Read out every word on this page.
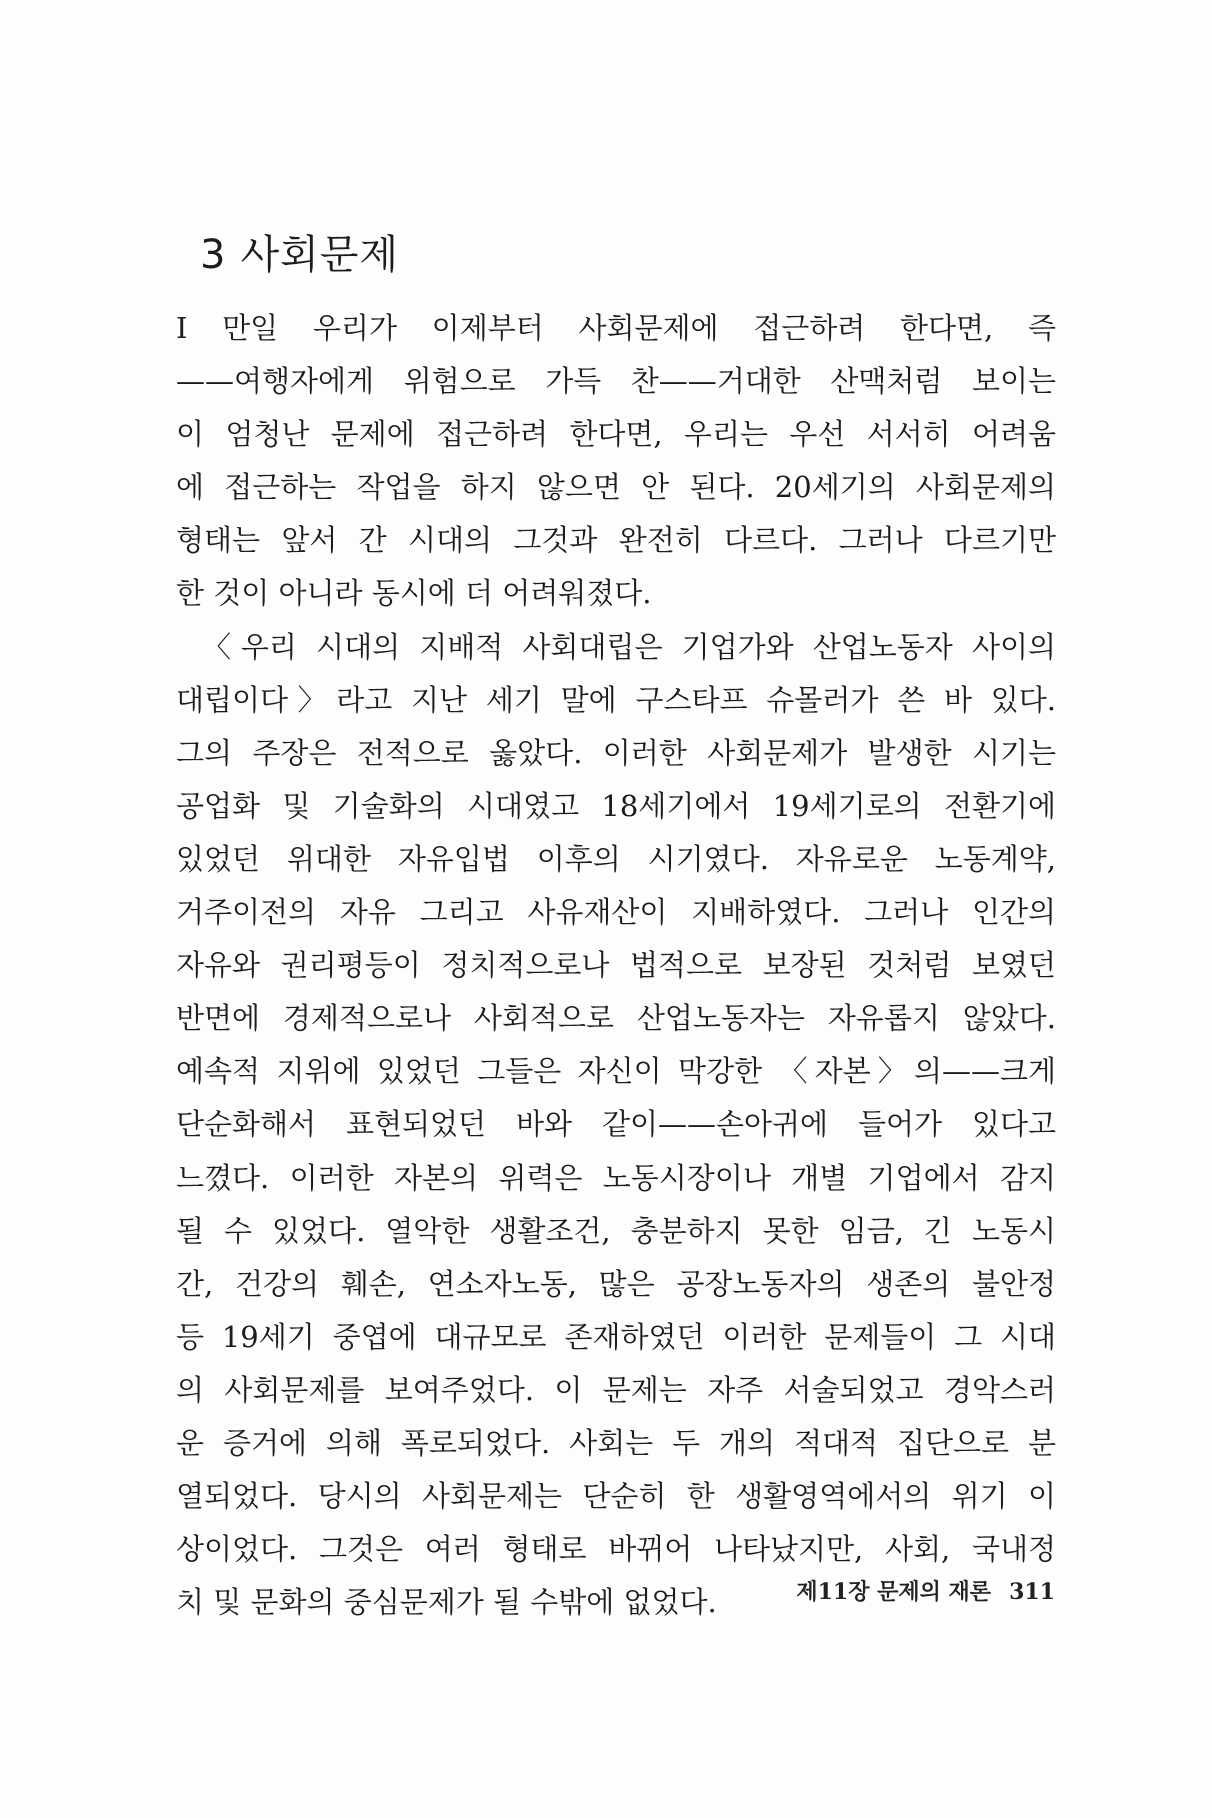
3 사회문제
I 만일 우리가 이제부터 사회문제에 접근하려 한다면, 즉
——여행자에게 위험으로 가득 찬——거대한 산맥처럼 보이는
이 엄청난 문제에 접근하려 한다면, 우리는 우선 서서히 어려움
에 접근하는 작업을 하지 않으면 안 된다. 20세기의 사회문제의
형태는 앞서 간 시대의 그것과 완전히 다르다. 그러나 다르기만
한 것이 아니라 동시에 더 어려워졌다.
〈우리 시대의 지배적 사회대립은 기업가와 산업노동자 사이의
대립이다〉라고 지난 세기 말에 구스타프 슈몰러가 쓴 바 있다.
그의 주장은 전적으로 옳았다. 이러한 사회문제가 발생한 시기는
공업화 및 기술화의 시대였고 18세기에서 19세기로의 전환기에
있었던 위대한 자유입법 이후의 시기였다. 자유로운 노동계약,
거주이전의 자유 그리고 사유재산이 지배하였다. 그러나 인간의
자유와 권리평등이 정치적으로나 법적으로 보장된 것처럼 보였던
반면에 경제적으로나 사회적으로 산업노동자는 자유롭지 않았다.
예속적 지위에 있었던 그들은 자신이 막강한 〈자본〉의——크게
단순화해서 표현되었던 바와 같이——손아귀에 들어가 있다고
느꼈다. 이러한 자본의 위력은 노동시장이나 개별 기업에서 감지
될 수 있었다. 열악한 생활조건, 충분하지 못한 임금, 긴 노동시
간, 건강의 훼손, 연소자노동, 많은 공장노동자의 생존의 불안정
등 19세기 중엽에 대규모로 존재하였던 이러한 문제들이 그 시대
의 사회문제를 보여주었다. 이 문제는 자주 서술되었고 경악스러
운 증거에 의해 폭로되었다. 사회는 두 개의 적대적 집단으로 분
열되었다. 당시의 사회문제는 단순히 한 생활영역에서의 위기 이
상이었다. 그것은 여러 형태로 바뀌어 나타났지만, 사회, 국내정
치 및 문화의 중심문제가 될 수밖에 없었다.	제11장 문제의 재론 311
